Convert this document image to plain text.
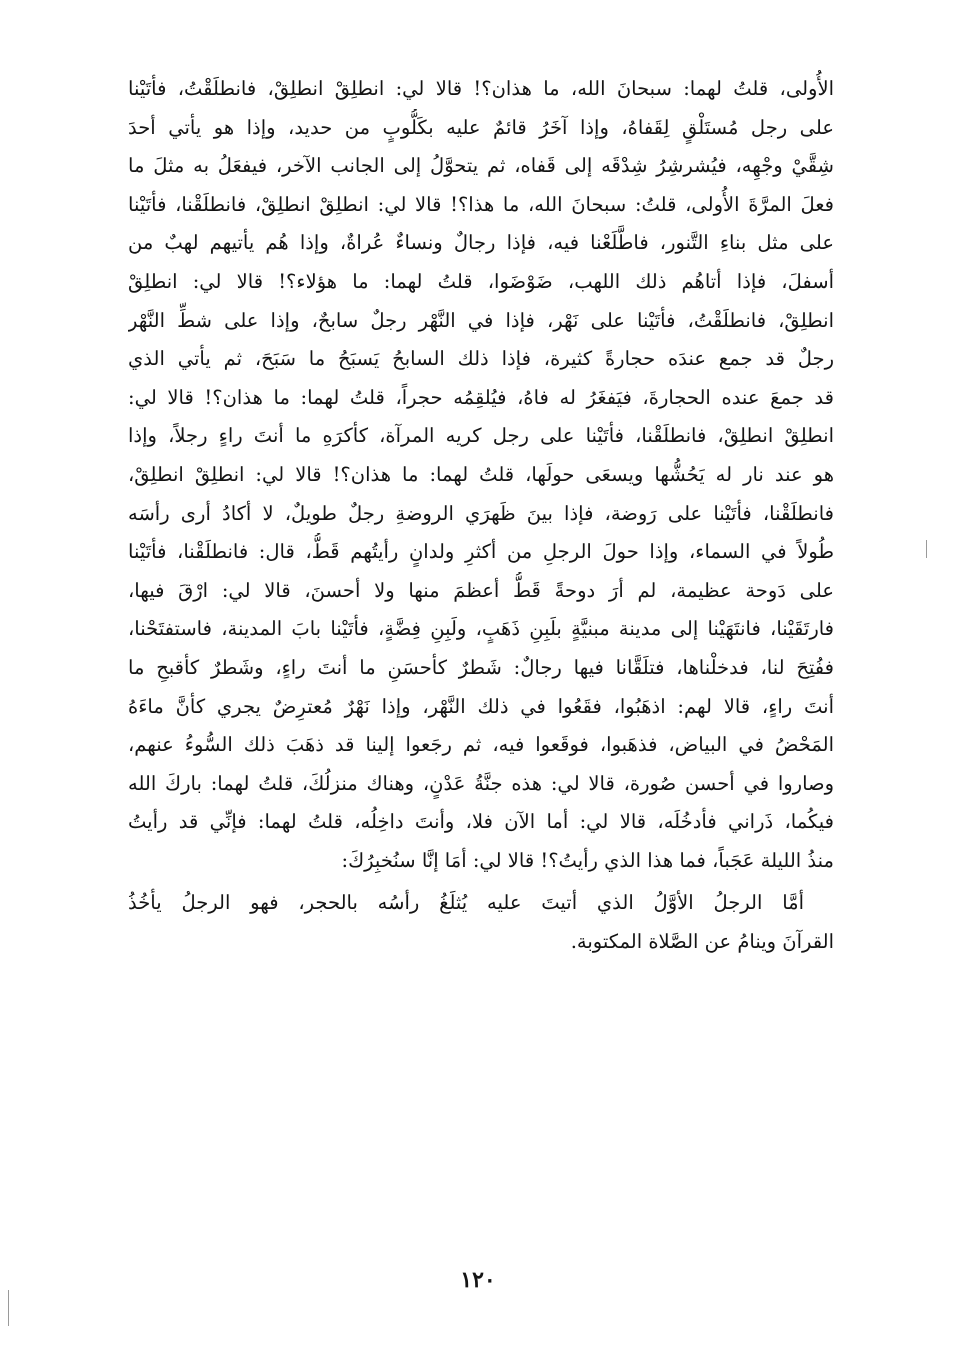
الأُولى، قلتُ لهما: سبحانَ الله، ما هذان؟! قالا لي: انطلِقْ انطلِقْ، فانطلَقْتُ، فأتَيْنا
على رجل مُستَلْقٍ لِقَفاهُ، وإذا آخَرُ قائمٌ عليه بكَلُّوبٍ من حديد، وإذا هو يأتي أحدَ
شِقَّيْ وجْهِه، فيُشرشِرُ شِدْقَه إلى قَفاه، ثم يتحوَّلُ إلى الجانب الآخر، فيفعَلُ به مثلَ ما
فعلَ المرَّةَ الأُولى، قلتُ: سبحانَ الله، ما هذا؟! قالا لي: انطلِقْ انطلِقْ، فانطلَقْنا، فأتَيْنا
على مثل بناءِ التَّنور، فاطَّلَعْنا فيه، فإذا رجالٌ ونساءٌ عُراةٌ، وإذا هُم يأتيهم لهبٌ من
أسفلَ، فإذا أتاهُم ذلك اللهب، ضَوْضَوا، قلتُ لهما: ما هؤلاء؟! قالا لي: انطلِقْ
انطلِقْ، فانطلَقْتُ، فأتَيْنا على نَهْر، فإذا في النَّهْر رجلٌ سابحٌ، وإذا على شطِّ النَّهْر
رجلٌ قد جمع عندَه حجارةً كثيرة، فإذا ذلك السابحُ يَسبَحُ ما سَبَحَ، ثم يأتي الذي
قد جمعَ عنده الحجارةَ، فيَفغَرُ له فاهُ، فيُلقِمُه حجراً، قلتُ لهما: ما هذان؟! قالا لي:
انطلِقْ انطلِقْ، فانطلَقْنا، فأتَيْنا على رجل كريه المرآة، كأكرَهِ ما أنتَ راءٍ رجلاً، وإذا
هو عند نار له يَحُشُّها ويسعَى حولَها، قلتُ لهما: ما هذان؟! قالا لي: انطلِقْ انطلِقْ،
فانطلَقْنا، فأتَيْنا على رَوضة، فإذا بينَ ظَهرَي الروضةِ رجلٌ طويلٌ، لا أكادُ أرى رأسَه
طُولاً في السماء، وإذا حولَ الرجلِ من أكثرِ ولدانٍ رأيتُهم قَطُّ، قال: فانطلَقْنا، فأتَيْنا
على دَوحة عظيمة، لم أرَ دوحةً قَطُّ أعظمَ منها ولا أحسنَ، قالا لي: ارْقَ فيها،
فارتَقَيْنا، فانتَهَيْنا إلى مدينة مبنيَّةٍ بلَبِنِ ذَهَبٍ، ولَبِنِ فِضَّةٍ، فأتَيْنا بابَ المدينة، فاستفتَحْنا،
ففُتِحَ لنا، فدخلْناها، فتلَقَّانا فيها رجالٌ: شَطرٌ كأحسَنِ ما أنتَ راءٍ، وشَطرٌ كأقبحِ ما
أنتَ راءٍ، قالا لهم: اذهَبُوا، فقَعُوا في ذلك النَّهْر، وإذا نَهْرٌ مُعترِضٌ يجري كأنَّ ماءَهُ
المَحْضُ في البياض، فذهَبوا، فوقَعوا فيه، ثم رجَعوا إلينا قد ذهَبَ ذلك السُّوءُ عنهم،
وصاروا في أحسن صُورة، قالا لي: هذه جنَّةُ عَدْنٍ، وهناك منزلُكَ، قلتُ لهما: باركَ الله
فيكُما، ذَراني فأدخُلَه، قالا لي: أما الآن فلا، وأنتَ داخِلُه، قلتُ لهما: فإنِّي قد رأيتُ
منذُ الليلة عَجَباً، فما هذا الذي رأيتُ؟! قالا لي: أمَا إنَّا سنُخبِرُكَ:
أمَّا الرجلُ الأوَّلُ الذي أتيتَ عليه يُثلَغُ رأسُه بالحجر، فهو الرجلُ يأخُذُ
القرآنَ وينامُ عن الصَّلاة المكتوبة.
١٢٠
